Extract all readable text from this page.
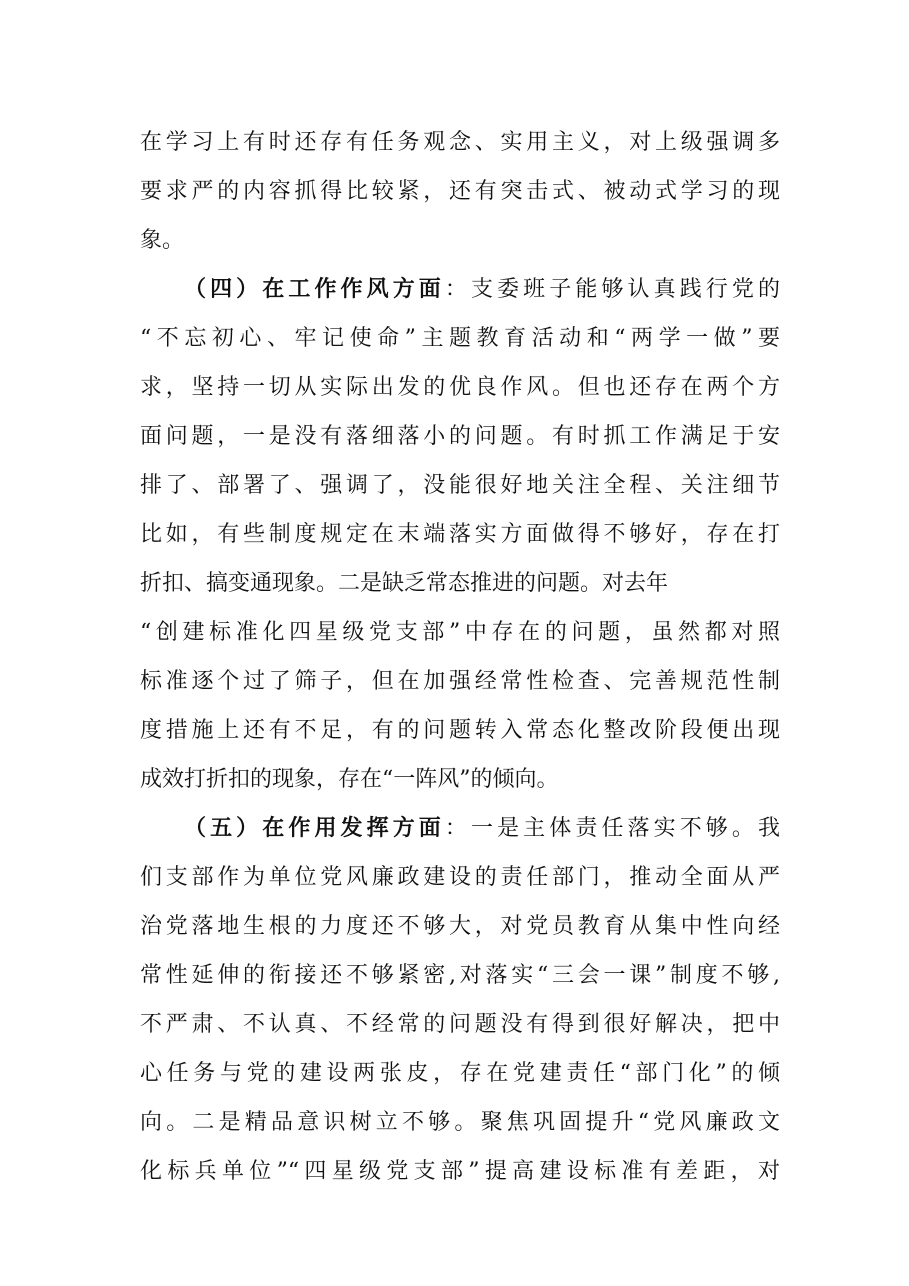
在学习上有时还存有任务观念、实用主义，对上级强调多
要求严的内容抓得比较紧，还有突击式、被动式学习的现
象。
（四）在工作作风方面：支委班子能够认真践行党的
“不忘初心、牢记使命”主题教育活动和“两学一做”要
求，坚持一切从实际出发的优良作风。但也还存在两个方
面问题，一是没有落细落小的问题。有时抓工作满足于安
排了、部署了、强调了，没能很好地关注全程、关注细节
比如，有些制度规定在末端落实方面做得不够好，存在打
折扣、搞变通现象。二是缺乏常态推进的问题。对去年
“创建标准化四星级党支部”中存在的问题，虽然都对照
标准逐个过了筛子，但在加强经常性检查、完善规范性制
度措施上还有不足，有的问题转入常态化整改阶段便出现
成效打折扣的现象，存在“一阵风”的倾向。
（五）在作用发挥方面：一是主体责任落实不够。我
们支部作为单位党风廉政建设的责任部门，推动全面从严
治党落地生根的力度还不够大，对党员教育从集中性向经
常性延伸的衔接还不够紧密,对落实“三会一课”制度不够,
不严肃、不认真、不经常的问题没有得到很好解决，把中
心任务与党的建设两张皮，存在党建责任“部门化”的倾
向。二是精品意识树立不够。聚焦巩固提升“党风廉政文
化标兵单位”“四星级党支部”提高建设标准有差距，对
